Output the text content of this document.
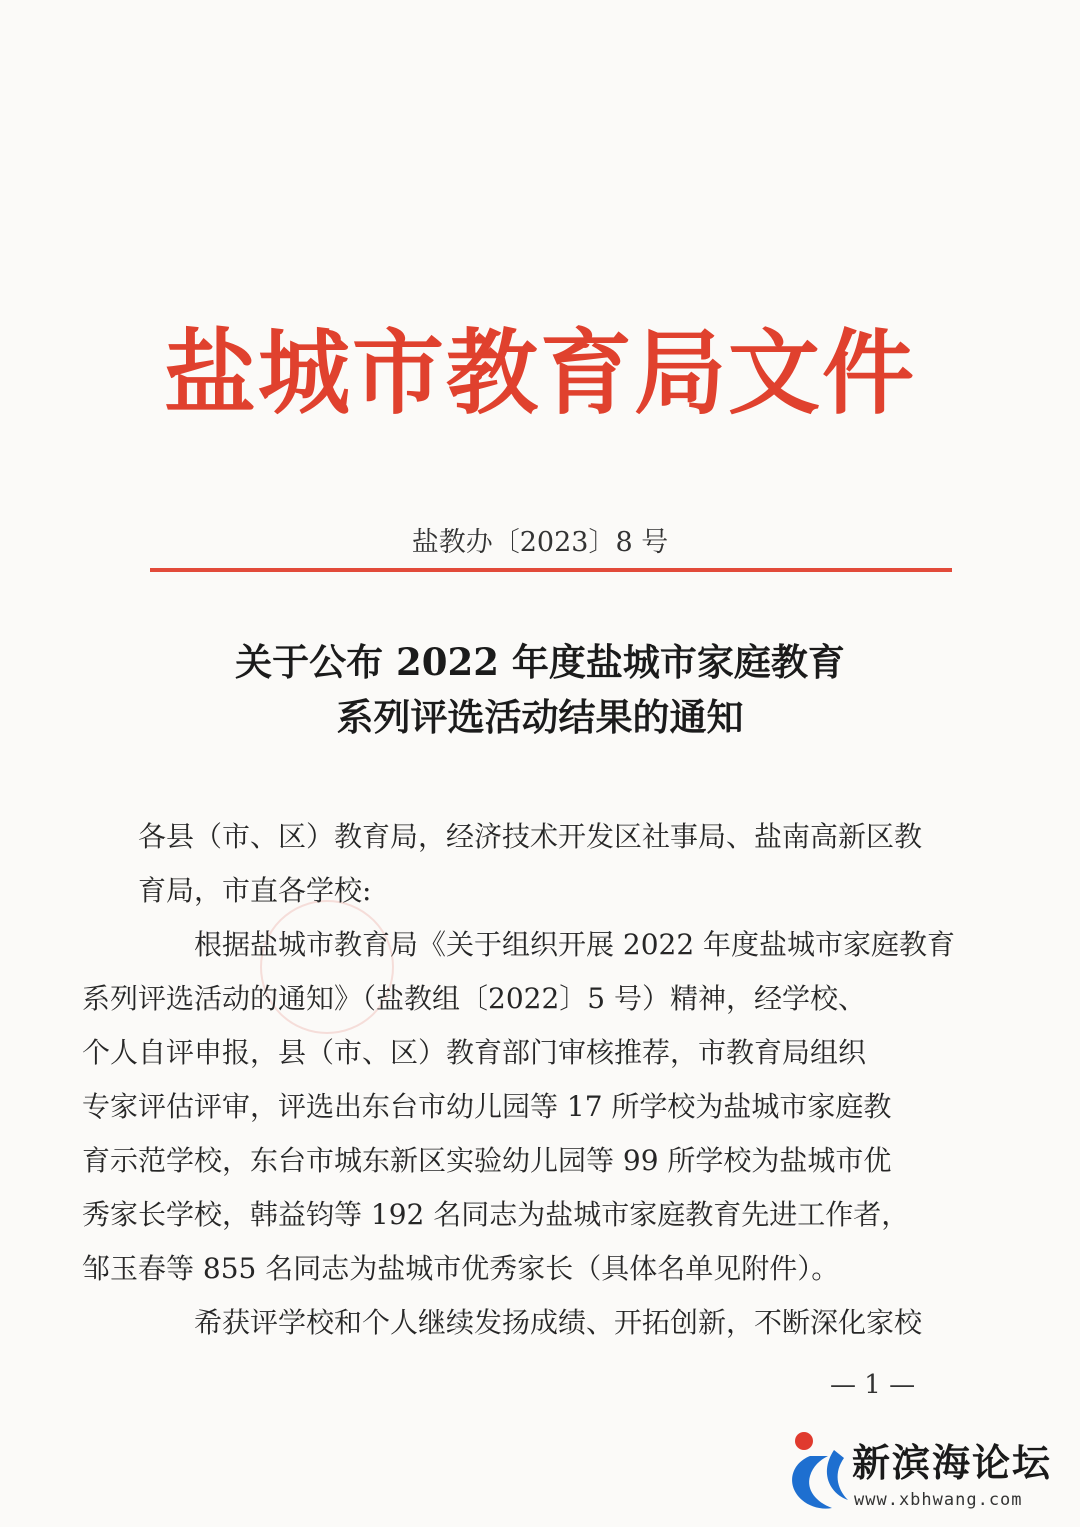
盐城市教育局文件
盐教办〔2023〕8 号
关于公布 2022 年度盐城市家庭教育
系列评选活动结果的通知

各县（市、区）教育局，经济技术开发区社事局、盐南高新区教
育局，市直各学校:

根据盐城市教育局《关于组织开展 2022 年度盐城市家庭教育
系列评选活动的通知》（盐教组〔2022〕5 号）精神，经学校、
个人自评申报，县（市、区）教育部门审核推荐，市教育局组织
专家评估评审，评选出东台市幼儿园等 17 所学校为盐城市家庭教
育示范学校，东台市城东新区实验幼儿园等 99 所学校为盐城市优
秀家长学校，韩益钧等 192 名同志为盐城市家庭教育先进工作者，
邹玉春等 855 名同志为盐城市优秀家长（具体名单见附件）。

希获评学校和个人继续发扬成绩、开拓创新，不断深化家校

— 1 —
新滨海论坛
www.xbhwang.com
